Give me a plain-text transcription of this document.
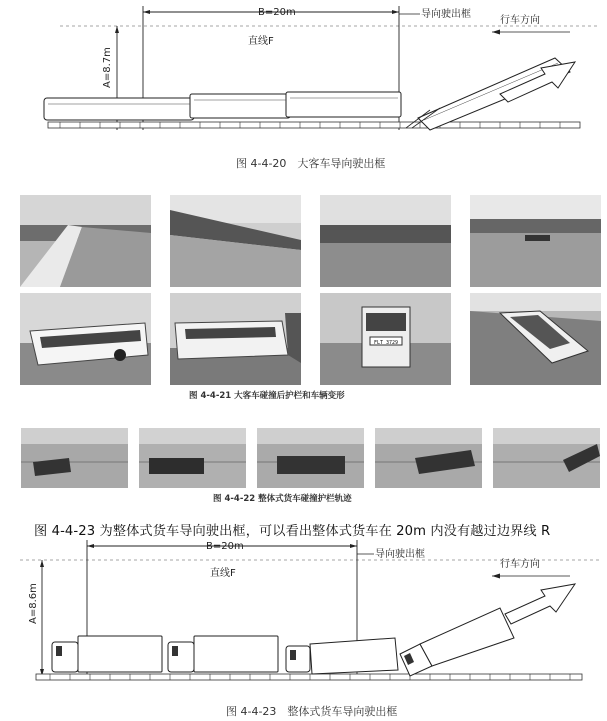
B=20m	导向驶出框
行车方向
直线F
A=8.7m
图 4-4-20　大客车导向驶出框
FLT 3729
图 4-4-21 大客车碰撞后护栏和车辆变形
图 4-4-22 整体式货车碰撞护栏轨迹
图 4-4-23 为整体式货车导向驶出框，可以看出整体式货车在 20m 内没有越过边界线 R
B=20m
导向驶出框
行车方向
直线F
A=8.6m
图 4-4-23　整体式货车导向驶出框
